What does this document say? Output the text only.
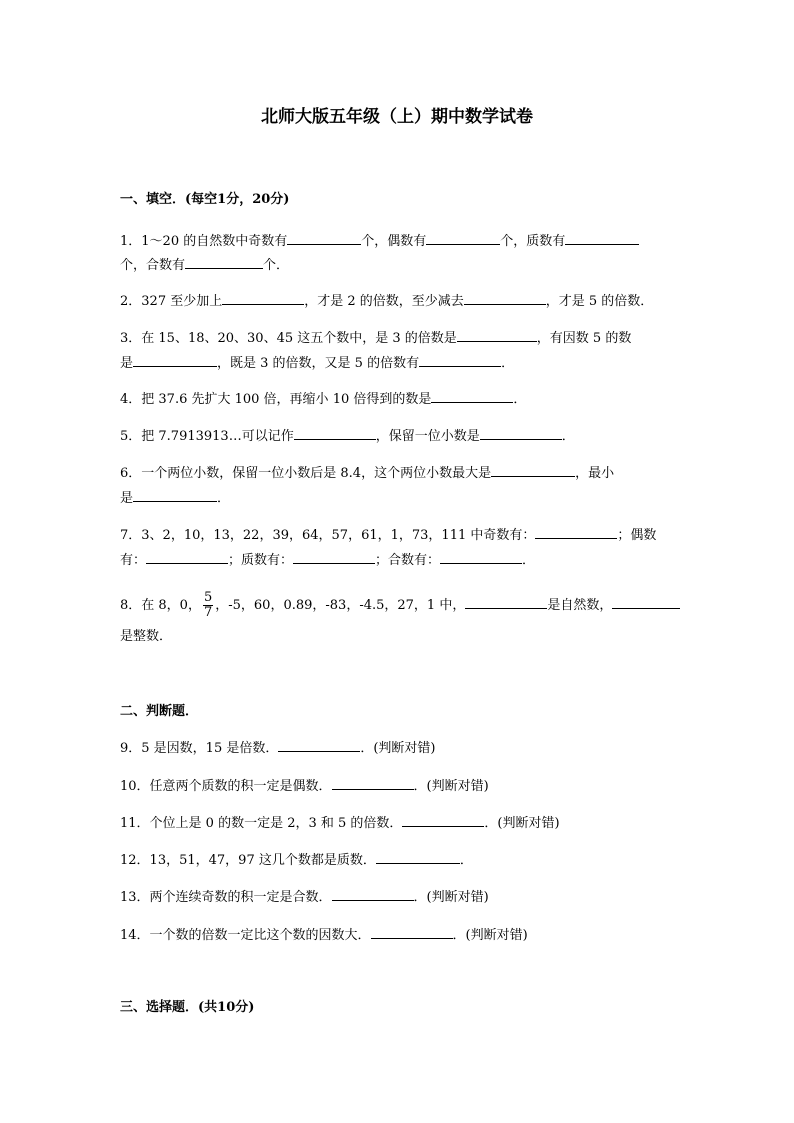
北师大版五年级（上）期中数学试卷
一、填空．(每空1分，20分)
1．1～20 的自然数中奇数有	个，偶数有	个，质数有
个，合数有	个．
2．327 至少加上	，才是 2 的倍数，至少减去	，才是 5 的倍数．
3．在 15、18、20、30、45 这五个数中，是 3 的倍数是	，有因数 5 的数
是	，既是 3 的倍数，又是 5 的倍数有	．
4．把 37.6 先扩大 100 倍，再缩小 10 倍得到的数是	．
5．把 7.7913913…可以记作	，保留一位小数是	．
6．一个两位小数，保留一位小数后是 8.4，这个两位小数最大是	，最小
是	．
7．3、2，10，13，22，39，64，57，61，1，73，111 中奇数有：	；偶数
有：	；质数有：	；合数有：	．
8．在 8，0， $\frac{5}{7}$ ，-5，60，0.89，-83，-4.5，27，1 中，	是自然数，
是整数．
二、判断题．
9．5 是因数，15 是倍数．	．(判断对错)
10．任意两个质数的积一定是偶数．	．(判断对错)
11．个位上是 0 的数一定是 2，3 和 5 的倍数．	．(判断对错)
12．13，51，47，97 这几个数都是质数．	．
13．两个连续奇数的积一定是合数．	．(判断对错)
14．一个数的倍数一定比这个数的因数大．	．(判断对错)
三、选择题．(共10分)
